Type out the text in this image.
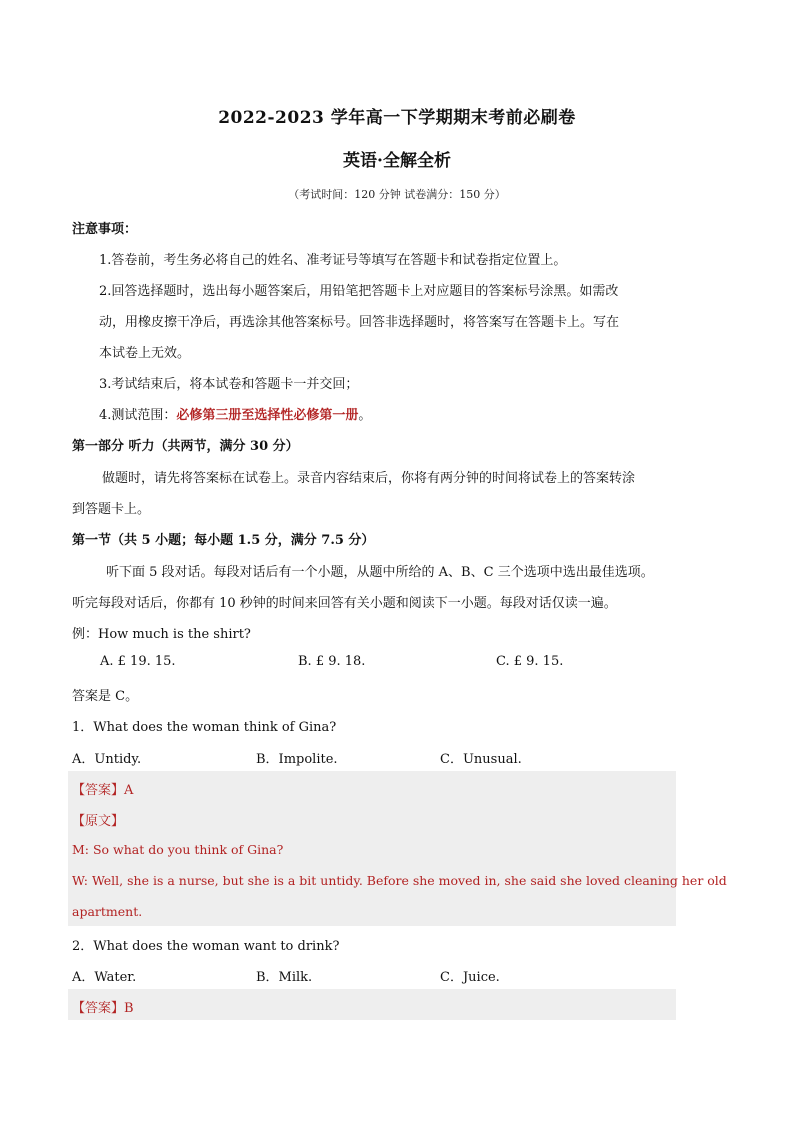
2022-2023 学年高一下学期期末考前必刷卷
英语·全解全析
（考试时间：120 分钟 试卷满分：150 分）
注意事项：
1.答卷前，考生务必将自己的姓名、准考证号等填写在答题卡和试卷指定位置上。
2.回答选择题时，选出每小题答案后，用铅笔把答题卡上对应题目的答案标号涂黑。如需改
动，用橡皮擦干净后，再选涂其他答案标号。回答非选择题时，将答案写在答题卡上。写在
本试卷上无效。
3.考试结束后，将本试卷和答题卡一并交回；
4.测试范围：必修第三册至选择性必修第一册。
第一部分 听力（共两节，满分 30 分）
做题时，请先将答案标在试卷上。录音内容结束后，你将有两分钟的时间将试卷上的答案转涂
到答题卡上。
第一节（共 5 小题；每小题 1.5 分，满分 7.5 分）
听下面 5 段对话。每段对话后有一个小题，从题中所给的 A、B、C 三个选项中选出最佳选项。
听完每段对话后，你都有 10 秒钟的时间来回答有关小题和阅读下一小题。每段对话仅读一遍。
例：How much is the shirt?
A. £ 19. 15.	B. £ 9. 18.	C. £ 9. 15.
答案是 C。
1．What does the woman think of Gina?
A．Untidy.	B．Impolite.	C．Unusual.
【答案】A
【原文】
M: So what do you think of Gina?
W: Well, she is a nurse, but she is a bit untidy. Before she moved in, she said she loved cleaning her old
apartment.
2．What does the woman want to drink?
A．Water.	B．Milk.	C．Juice.
【答案】B
